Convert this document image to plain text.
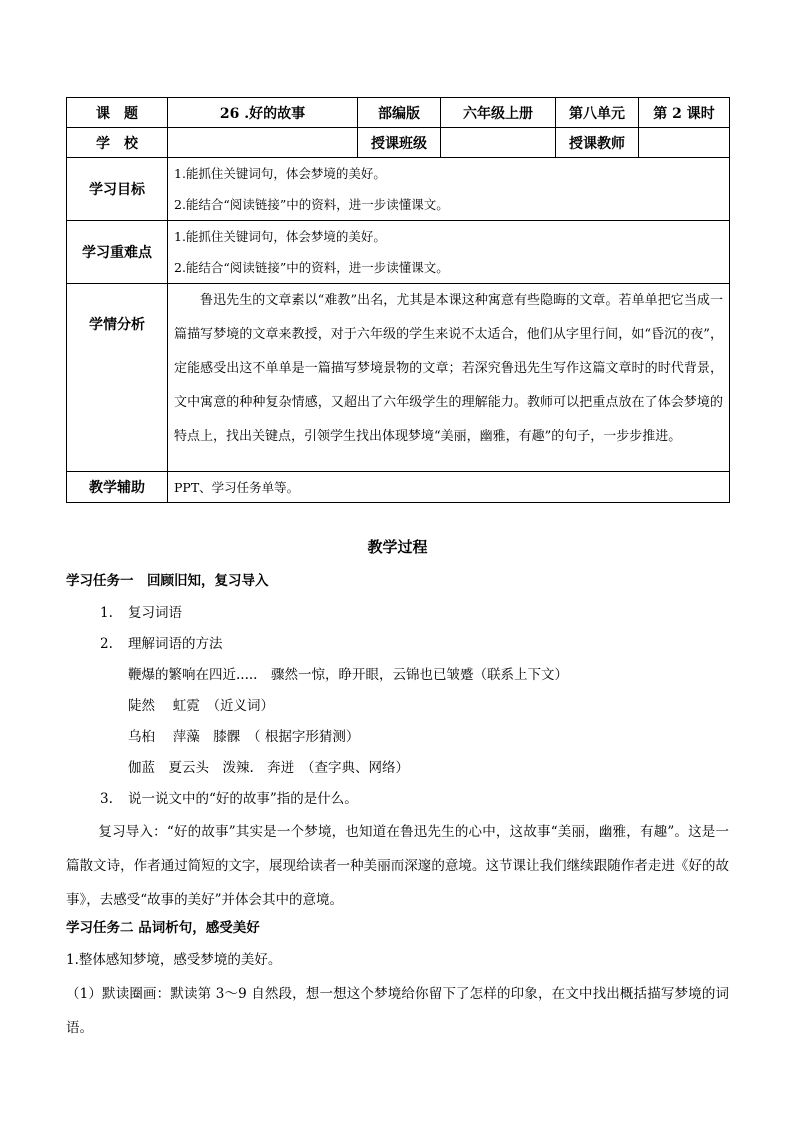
课　题	26 .好的故事	部编版	六年级上册	第八单元	第 2 课时
学　校		授课班级		授课教师	
学习目标	1.能抓住关键词句，体会梦境的美好。
2.能结合“阅读链接”中的资料，进一步读懂课文。				

学习重难点	1.能抓住关键词句，体会梦境的美好。
2.能结合“阅读链接”中的资料，进一步读懂课文。				

学情分析	鲁迅先生的文章素以“难教”出名，尤其是本课这种寓意有些隐晦的文章。若单单把它当成一篇描写梦境的文章来教授，对于六年级的学生来说不太适合，他们从字里行间，如“昏沉的夜”，定能感受出这不单单是一篇描写梦境景物的文章；若深究鲁迅先生写作这篇文章时的时代背景，文中寓意的种种复杂情感，又超出了六年级学生的理解能力。教师可以把重点放在了体会梦境的特点上，找出关键点，引领学生找出体现梦境“美丽，幽雅，有趣”的句子，一步步推进。				
教学辅助	PPT、学习任务单等。				
教学过程
学习任务一　回顾旧知，复习导入
1. 复习词语
2. 理解词语的方法
鞭爆的繁响在四近.....　骤然一惊，睁开眼，云锦也已皱蹙（联系上下文）
陡然　 虹霓　（近义词）
乌桕　 萍藻　膝髁　（ 根据字形猜测）
伽蓝　夏云头　泼辣.　奔迸　（查字典、网络）
3. 说一说文中的“好的故事”指的是什么。

复习导入：“好的故事”其实是一个梦境，也知道在鲁迅先生的心中，这故事“美丽，幽雅，有趣”。这是一篇散文诗，作者通过简短的文字，展现给读者一种美丽而深邃的意境。这节课让我们继续跟随作者走进《好的故事》，去感受“故事的美好”并体会其中的意境。

学习任务二 品词析句，感受美好

1.整体感知梦境，感受梦境的美好。

（1）默读圈画：默读第 3～9 自然段，想一想这个梦境给你留下了怎样的印象，在文中找出概括描写梦境的词语。
